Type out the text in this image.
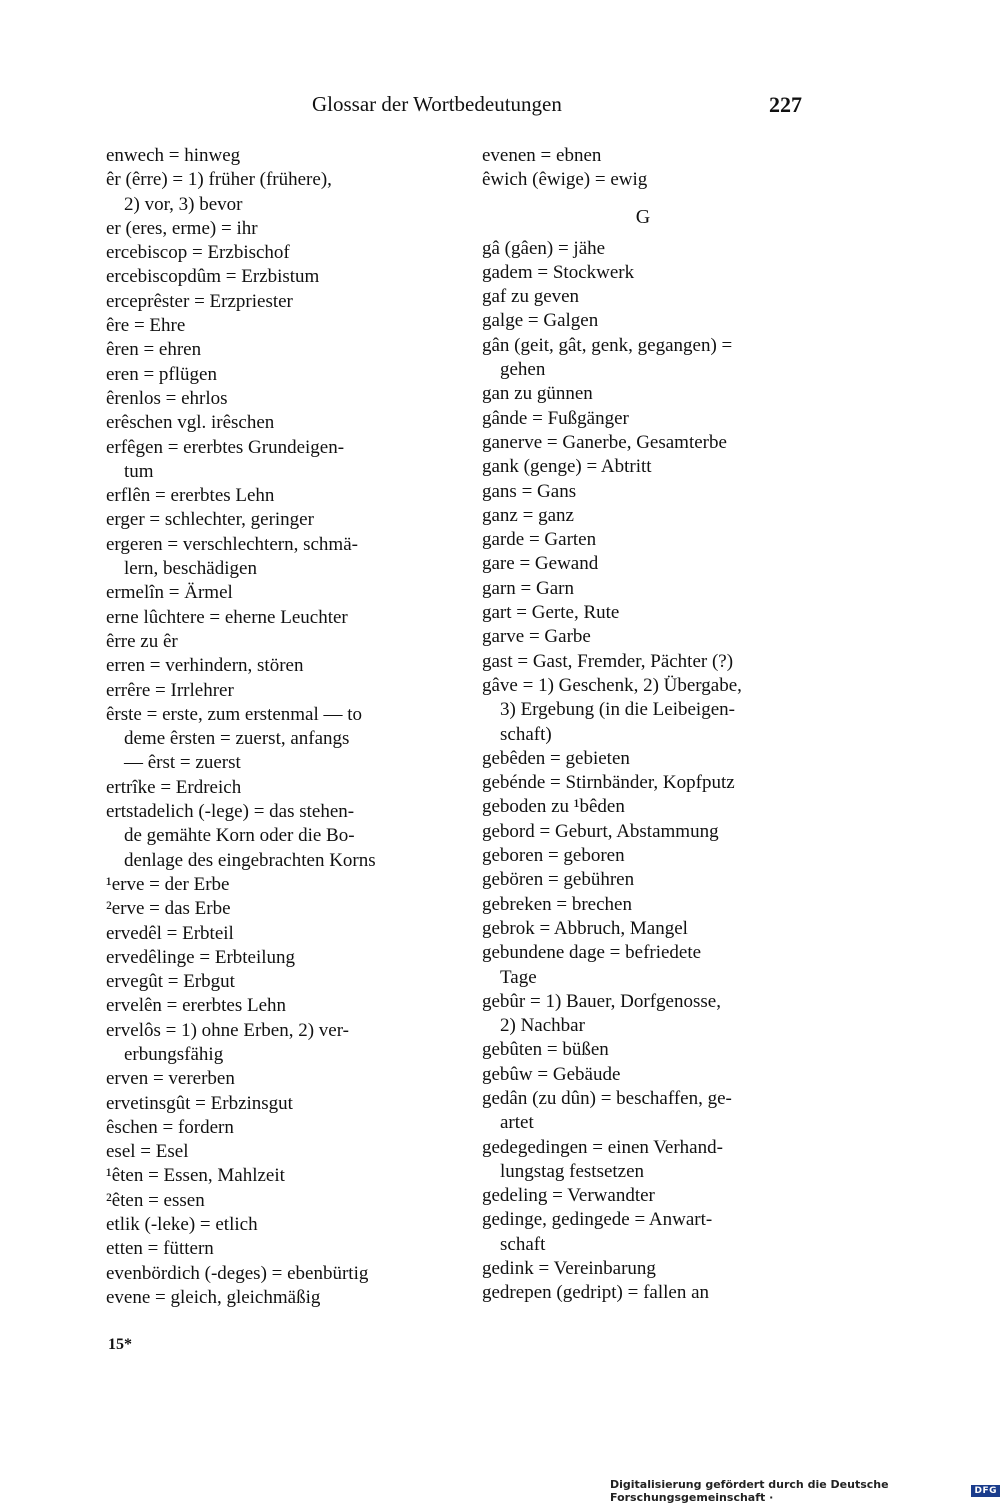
Glossar der Wortbedeutungen	227
enwech = hinweg
êr (êrre) = 1) früher (frühere),
2) vor, 3) bevor
er (eres, erme) = ihr
ercebiscop = Erzbischof
ercebiscopdûm = Erzbistum
erceprêster = Erzpriester
êre = Ehre
êren = ehren
eren = pflügen
êrenlos = ehrlos
erêschen vgl. irêschen
erfêgen = ererbtes Grundeigen-
tum
erflên = ererbtes Lehn
erger = schlechter, geringer
ergeren = verschlechtern, schmä-
lern, beschädigen
ermelîn = Ärmel
erne lûchtere = eherne Leuchter
êrre zu êr
erren = verhindern, stören
errêre = Irrlehrer
êrste = erste, zum erstenmal — to
deme êrsten = zuerst, anfangs
— êrst = zuerst
ertrîke = Erdreich
ertstadelich (-lege) = das stehen-
de gemähte Korn oder die Bo-
denlage des eingebrachten Korns
¹erve = der Erbe
²erve = das Erbe
ervedêl = Erbteil
ervedêlinge = Erbteilung
ervegût = Erbgut
ervelên = ererbtes Lehn
ervelôs = 1) ohne Erben, 2) ver-
erbungsfähig
erven = vererben
ervetinsgût = Erbzinsgut
êschen = fordern
esel = Esel
¹êten = Essen, Mahlzeit
²êten = essen
etlik (-leke) = etlich
etten = füttern
evenbördich (-deges) = ebenbürtig
evene = gleich, gleichmäßig
evenen = ebnen
êwich (êwige) = ewig
G
gâ (gâen) = jähe
gadem = Stockwerk
gaf zu geven
galge = Galgen
gân (geit, gât, genk, gegangen) =
gehen
gan zu günnen
gânde = Fußgänger
ganerve = Ganerbe, Gesamterbe
gank (genge) = Abtritt
gans = Gans
ganz = ganz
garde = Garten
gare = Gewand
garn = Garn
gart = Gerte, Rute
garve = Garbe
gast = Gast, Fremder, Pächter (?)
gâve = 1) Geschenk, 2) Übergabe,
3) Ergebung (in die Leibeigen-
schaft)
gebêden = gebieten
gebénde = Stirnbänder, Kopfputz
geboden zu ¹bêden
gebord = Geburt, Abstammung
geboren = geboren
gebören = gebühren
gebreken = brechen
gebrok = Abbruch, Mangel
gebundene dage = befriedete
Tage
gebûr = 1) Bauer, Dorfgenosse,
2) Nachbar
gebûten = büßen
gebûw = Gebäude
gedân (zu dûn) = beschaffen, ge-
artet
gedegedingen = einen Verhand-
lungstag festsetzen
gedeling = Verwandter
gedinge, gedingede = Anwart-
schaft
gedink = Vereinbarung
gedrepen (gedript) = fallen an
15*
Digitalisierung gefördert durch die Deutsche Forschungsgemeinschaft ·	DFG
